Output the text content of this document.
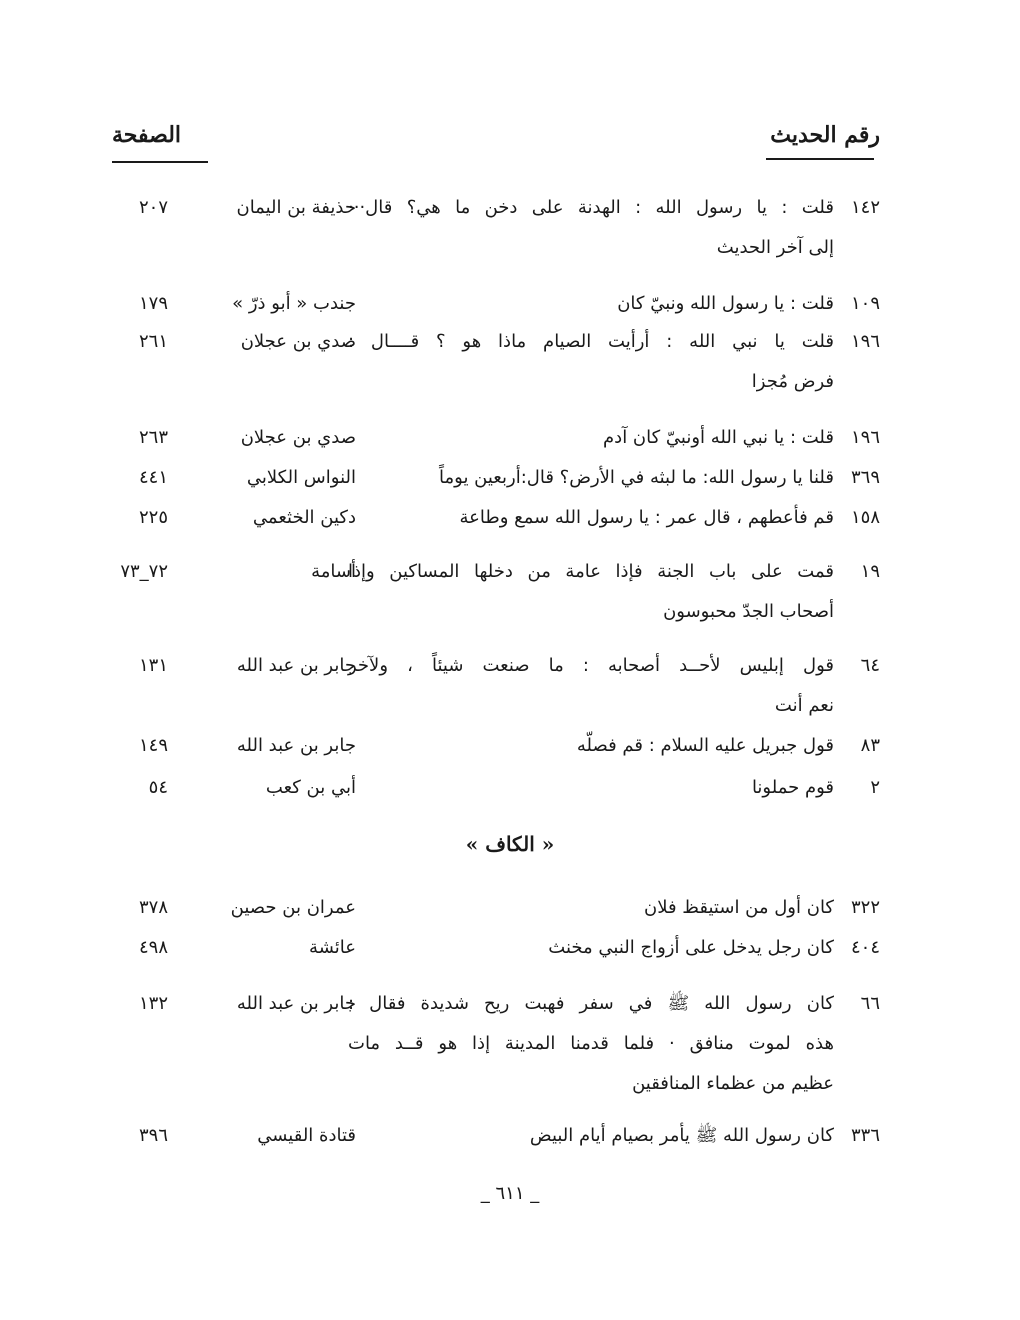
رقم الحديث
الصفحة
١٤٢
قلت : يا رسول الله : الهدنة على دخن ما هي؟ قال···
حذيفة بن اليمان
٢٠٧
إلى آخر الحديث
١٠٩
قلت : يا رسول الله ونبيّ كان
جندب « أبو ذرّ »
١٧٩
١٩٦
قلت يا نبي الله : أرأيت الصيام ماذا هو ؟ قــــال :
صدي بن عجلان
٢٦١
فرض مُجزا
١٩٦
قلت : يا نبي الله أونبيّ كان آدم
صدي بن عجلان
٢٦٣
٣٦٩
قلنا يا رسول الله: ما لبثه في الأرض؟ قال:أربعين يوماً
النواس الكلابي
٤٤١
١٥٨
قم فأعطهم ، قال عمر : يا رسول الله سمع وطاعة
دكين الخثعمي
٢٢٥
١٩
قمت على باب الجنة فإذا عامة من دخلها المساكين وإذا
أسامة
٧٢_٧٣
أصحاب الجدّ محبوسون
٦٤
قول إبليس لأحــد أصحابه : ما صنعت شيئاً ، ولآخر
جابر بن عبد الله
١٣١
نعم أنت
٨٣
قول جبريل عليه السلام : قم فصلّه
جابر بن عبد الله
١٤٩
٢
قوم حملونا
أبي بن كعب
٥٤
٣٢٢
كان أول من استيقظ فلان
عمران بن حصين
٣٧٨
٤٠٤
كان رجل يدخل على أزواج النبي مخنث
عائشة
٤٩٨
٦٦
كان رسول الله ﷺ في سفر فهبت ريح شديدة فقال :
جابر بن عبد الله
١٣٢
هذه لموت منافق · فلما قدمنا المدينة إذا هو قــد مات
عظيم من عظماء المنافقين
٣٣٦
كان رسول الله ﷺ يأمر بصيام أيام البيض
قتادة القيسي
٣٩٦
« الكاف »
_ ٦١١ _
